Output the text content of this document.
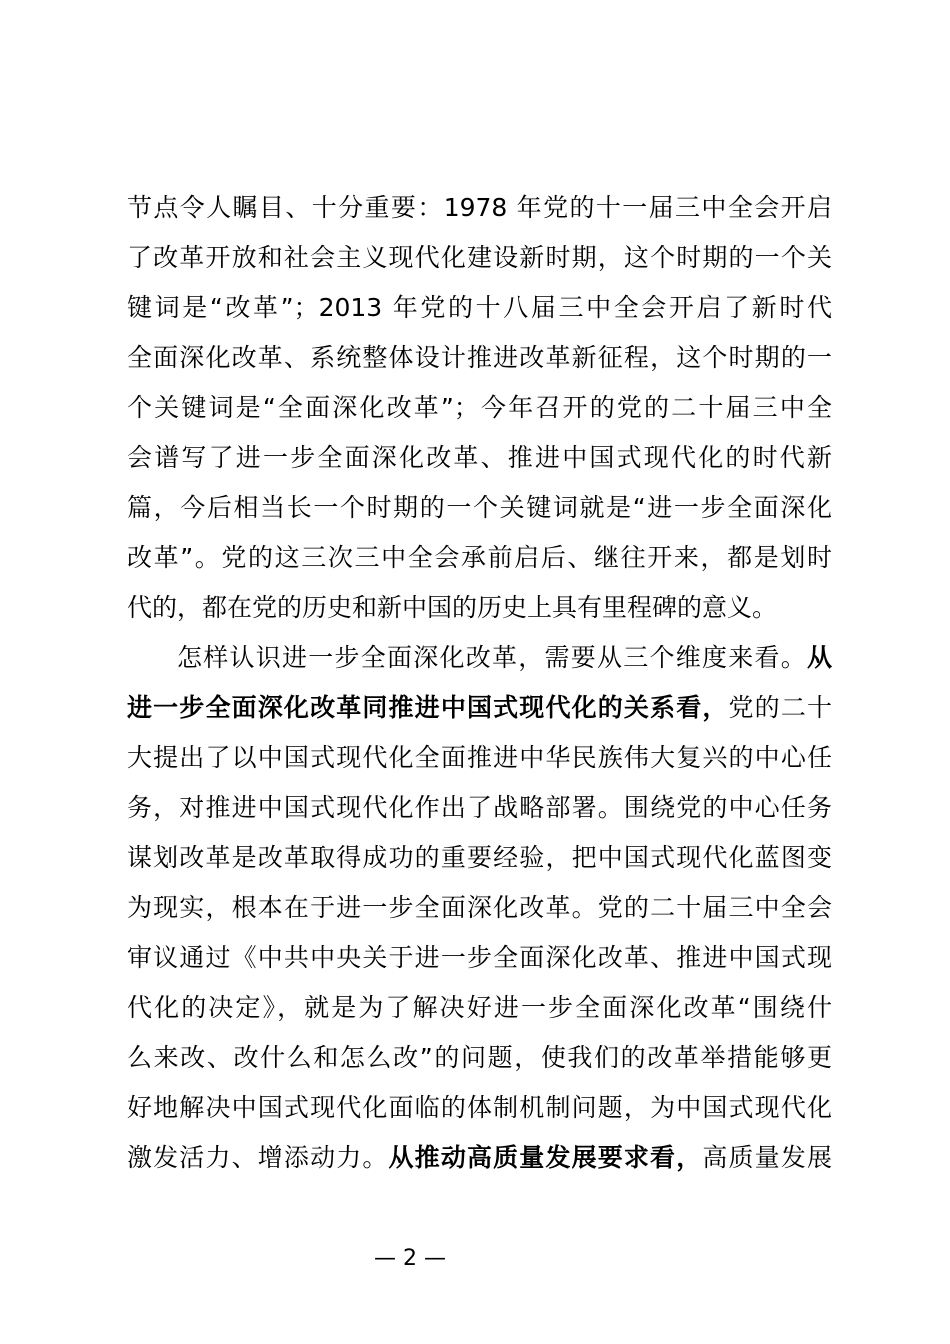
节点令人瞩目、十分重要：1978 年党的十一届三中全会开启
了改革开放和社会主义现代化建设新时期，这个时期的一个关
键词是“改革”；2013 年党的十八届三中全会开启了新时代
全面深化改革、系统整体设计推进改革新征程，这个时期的一
个关键词是“全面深化改革”；今年召开的党的二十届三中全
会谱写了进一步全面深化改革、推进中国式现代化的时代新
篇，今后相当长一个时期的一个关键词就是“进一步全面深化
改革”。党的这三次三中全会承前启后、继往开来，都是划时
代的，都在党的历史和新中国的历史上具有里程碑的意义。
怎样认识进一步全面深化改革，需要从三个维度来看。从
进一步全面深化改革同推进中国式现代化的关系看，党的二十
大提出了以中国式现代化全面推进中华民族伟大复兴的中心任
务，对推进中国式现代化作出了战略部署。围绕党的中心任务
谋划改革是改革取得成功的重要经验，把中国式现代化蓝图变
为现实，根本在于进一步全面深化改革。党的二十届三中全会
审议通过《中共中央关于进一步全面深化改革、推进中国式现
代化的决定》，就是为了解决好进一步全面深化改革“围绕什
么来改、改什么和怎么改”的问题，使我们的改革举措能够更
好地解决中国式现代化面临的体制机制问题，为中国式现代化
激发活力、增添动力。从推动高质量发展要求看，高质量发展
— 2 —
